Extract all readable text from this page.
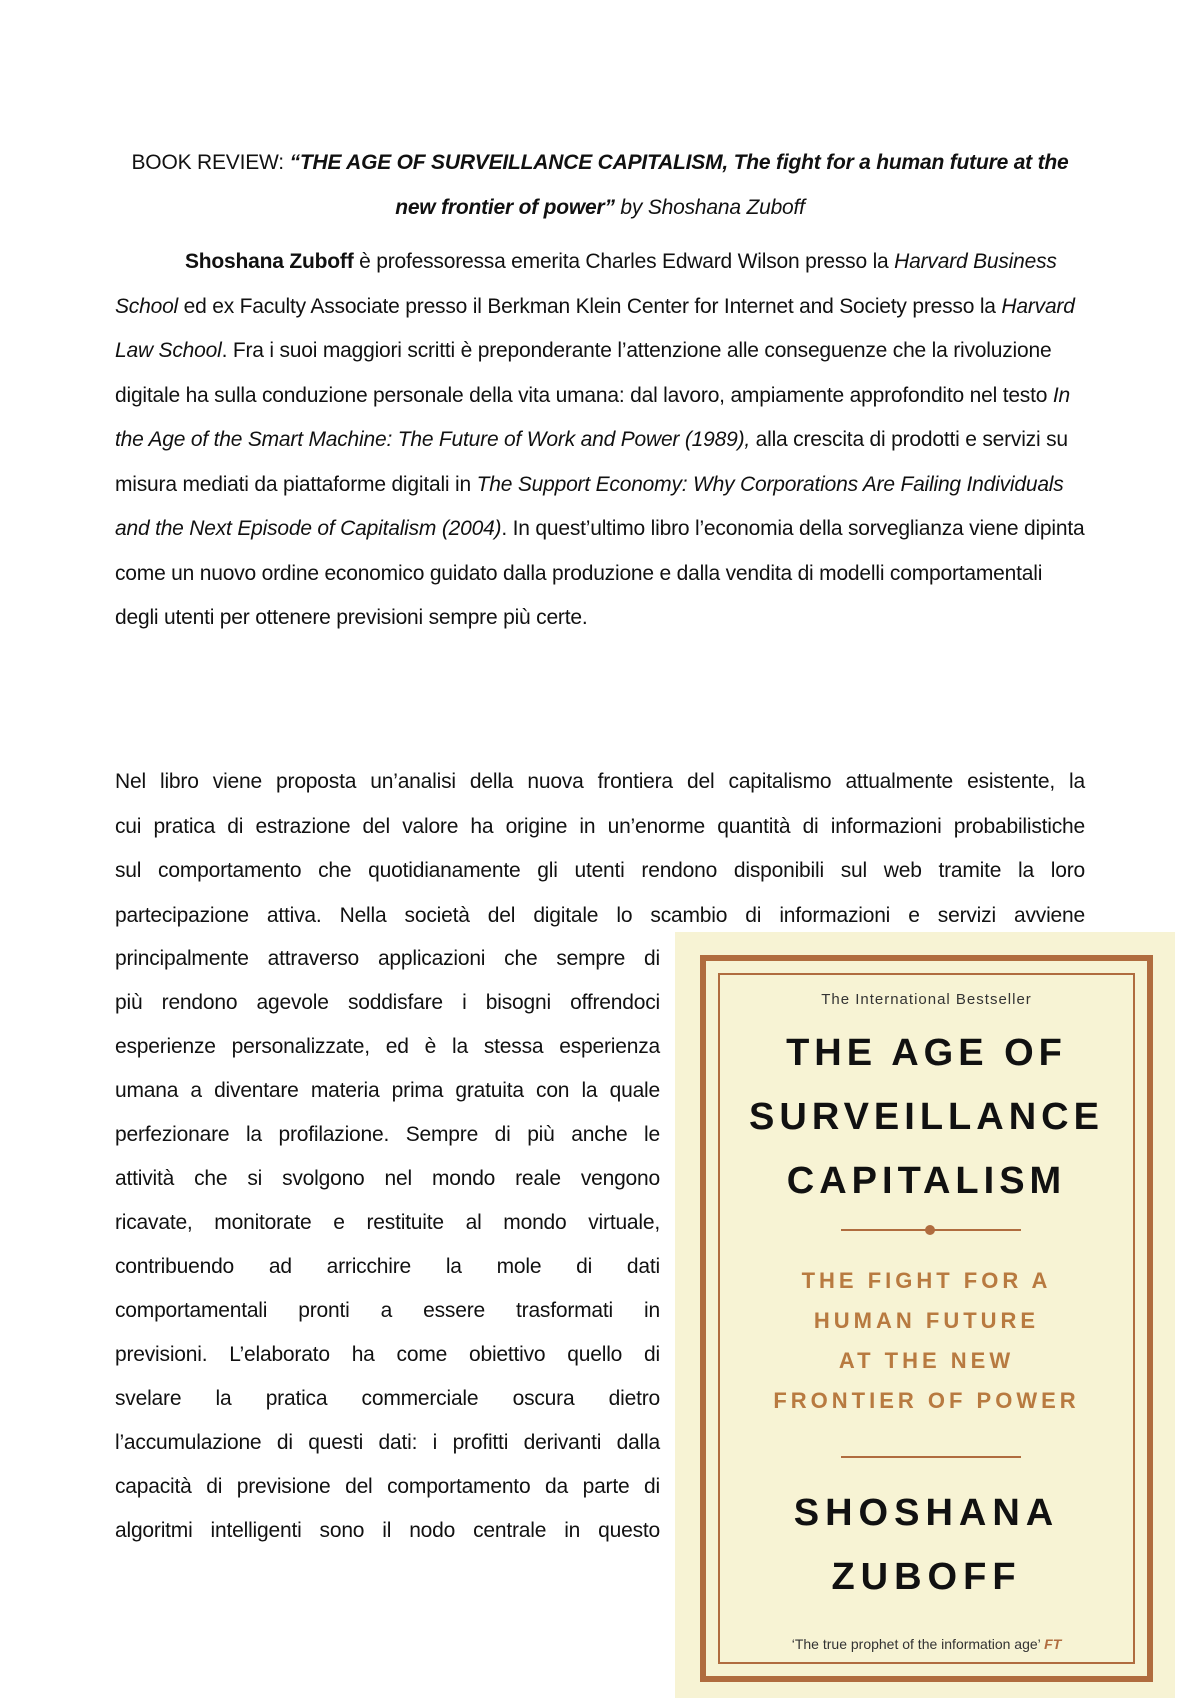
BOOK REVIEW: “THE AGE OF SURVEILLANCE CAPITALISM, The fight for a human future at the new frontier of power” by Shoshana Zuboff
Shoshana Zuboff è professoressa emerita Charles Edward Wilson presso la Harvard Business School ed ex Faculty Associate presso il Berkman Klein Center for Internet and Society presso la Harvard Law School. Fra i suoi maggiori scritti è preponderante l’attenzione alle conseguenze che la rivoluzione digitale ha sulla conduzione personale della vita umana: dal lavoro, ampiamente approfondito nel testo In the Age of the Smart Machine: The Future of Work and Power (1989), alla crescita di prodotti e servizi su misura mediati da piattaforme digitali in The Support Economy: Why Corporations Are Failing Individuals and the Next Episode of Capitalism (2004). In quest’ultimo libro l’economia della sorveglianza viene dipinta come un nuovo ordine economico guidato dalla produzione e dalla vendita di modelli comportamentali degli utenti per ottenere previsioni sempre più certe.
Nel libro viene proposta un’analisi della nuova frontiera del capitalismo attualmente esistente, la
cui pratica di estrazione del valore ha origine in un’enorme quantità di informazioni probabilistiche
sul comportamento che quotidianamente gli utenti rendono disponibili sul web tramite la loro
partecipazione attiva. Nella società del digitale lo scambio di informazioni e servizi avviene
principalmente attraverso applicazioni che sempre di
più rendono agevole soddisfare i bisogni offrendoci
esperienze personalizzate, ed è la stessa esperienza
umana a diventare materia prima gratuita con la quale
perfezionare la profilazione. Sempre di più anche le
attività che si svolgono nel mondo reale vengono
ricavate, monitorate e restituite al mondo virtuale,
contribuendo ad arricchire la mole di dati
comportamentali pronti a essere trasformati in
previsioni. L’elaborato ha come obiettivo quello di
svelare la pratica commerciale oscura dietro
l’accumulazione di questi dati: i profitti derivanti dalla
capacità di previsione del comportamento da parte di
algoritmi intelligenti sono il nodo centrale in questo
The International Bestseller
THE AGE OF
SURVEILLANCE
CAPITALISM
THE FIGHT FOR A
HUMAN FUTURE
AT THE NEW
FRONTIER OF POWER
SHOSHANA
ZUBOFF
‘The true prophet of the information age’ FT
